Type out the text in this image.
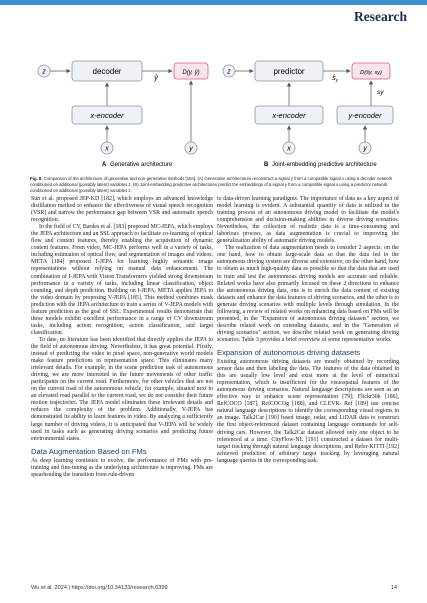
Research
z	decoder
ŷ
D(y, ŷ)
x-encoder
x	y
A Generative architecture
z	predictor
$ŝ_y$
D(ŝy, sy)
x-encoder	y-encoder
sy
x	y
B Joint-embedding predictive architecture
Fig. 8. Comparison of the architecture of generative and non-generative methods [184]. (A) Generative architectures reconstruct a signal y from a compatible signal x using a decoder network conditioned on additional (possibly latent) variables z. (B) Joint-embedding predictive architectures predict the embeddings of a signal y from a compatible signal x using a predictor network conditioned on additional (possibly latent) variables z.

Sun et al. proposed JEP-KD [182], which employs an advanced knowledge distillation method to enhance the effectiveness of visual speech recognition (VSR) and narrow the performance gap between VSR and automatic speech recognition.

In the field of CV, Bardes et al. [183] proposed MC-JEPA, which employs the JEPA architecture and an SSL approach to facilitate co-learning of optical flow and content features, thereby enabling the acquisition of dynamic content features. From video, MC-JEPA performs well in a variety of tasks, including estimation of optical flow, and segmentation of images and videos. META [184] proposed I-JEPA for learning highly semantic image representations without relying on manual data enhancement. The combination of I-JEPA with Vision Transformers yielded strong downstream performance in a variety of tasks, including linear classification, object counting, and depth prediction. Building on I-JEPA, META applies JEPA to the video domain by proposing V-JEPA [185]. This method combines mask prediction with the JEPA architecture to train a series of V-JEPA models with feature prediction as the goal of SSL. Experimental results demonstrate that these models exhibit excellent performance in a range of CV downstream tasks, including action recognition, action classification, and target classification.

To date, no literature has been identified that directly applies the JEPA to the field of autonomous driving. Nevertheless, it has great potential. Firstly, instead of predicting the video in pixel space, non-generative world models make feature predictions in representation space. This eliminates many irrelevant details. For example, in the scene prediction task of autonomous driving, we are more interested in the future movements of other traffic participants on the current road. Furthermore, for other vehicles that are not on the current road of the autonomous vehicle, for example, situated next to an elevated road parallel to the current road, we do not consider their future motion trajectories. The JEPA model eliminates these irrelevant details and reduces the complexity of the problem. Additionally, V-JEPA has demonstrated its ability to learn features in video. By analyzing a sufficiently large number of driving videos, it is anticipated that V-JEPA will be widely used in tasks such as generating driving scenarios and predicting future environmental states.

Data Augmentation Based on FMs

As deep learning continues to evolve, the performance of FMs with pre-training and fine-tuning as the underlying architecture is improving. FMs are spearheading the transition from rule-driven

to data-driven learning paradigms. The importance of data as a key aspect of model learning is evident. A substantial quantity of data is utilized in the training process of an autonomous driving model to facilitate the model's comprehension and decision-making abilities in diverse driving scenarios. Nevertheless, the collection of realistic data is a time-consuming and laborious process, as data augmentation is crucial to improving the generalization ability of automatic driving models.

The realization of data augmentation needs to consider 2 aspects: on the one hand, how to obtain large-scale data so that the data fed to the autonomous driving system are diverse and extensive; on the other hand, how to obtain as much high-quality data as possible so that the data that are used to train and test the autonomous driving models are accurate and reliable. Related works have also primarily focused on these 2 directions to enhance the autonomous driving data, one is to enrich the data content of existing datasets and enhance the data features of driving scenarios, and the other is to generate driving scenarios with multiple levels through simulation. In the following, a review of related works on enhancing data based on FMs will be presented, in the "Expansion of autonomous driving datasets" section, we describe related work on extending datasets, and in the "Generation of driving scenarios" section, we describe related work on generating driving scenarios. Table 3 provides a brief overview of some representative works.

Expansion of autonomous driving datasets

Existing autonomous driving datasets are mostly obtained by recording sensor data and then labeling the data. The features of the data obtained in this are usually low level and exist more at the level of numerical representation, which is insufficient for the visuospatial features of the autonomous driving scenarios. Natural language descriptions are seen as an effective way to enhance scene representation [79]; Flickr30k [186], RefCOCO [187], RefCOCOg [188], and CLEVR- Ref [189] use concise natural language descriptions to identify the corresponding visual regions in an image. Talk2Car [190] fused image, radar, and LiDAR data to construct the first object-referenced dataset containing language commands for self-driving cars. However, the Talk2Car dataset allowed only one object to be referenced at a time. CityFlow-NL [191] constructed a dataset for multi-target tracking through natural language descriptions, and Refer-KITTI [192] achieved prediction of arbitrary target tracking by leveraging natural language queries in the corresponding task.

Wu et al. 2024 | https://doi.org/10.34133/research.0399	14
